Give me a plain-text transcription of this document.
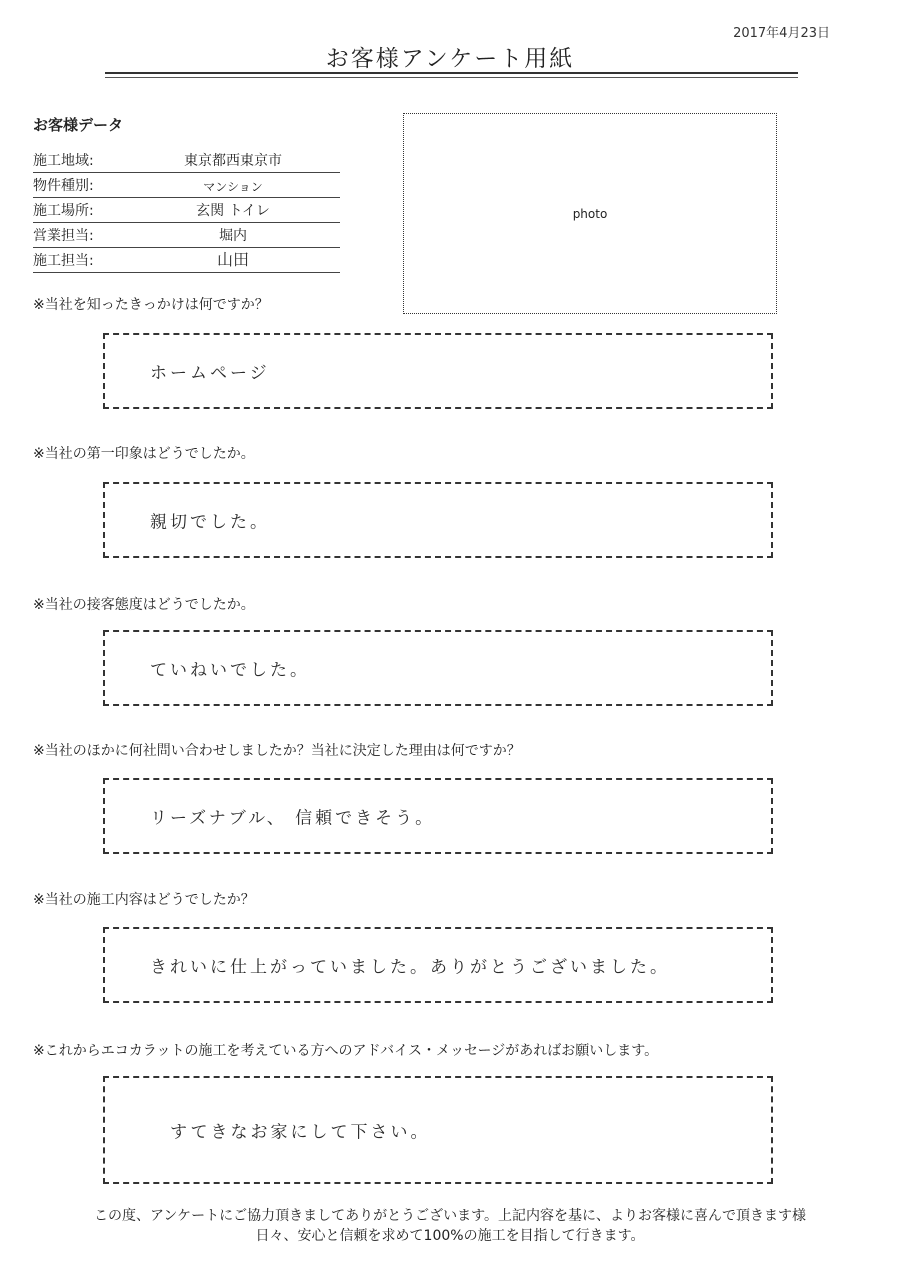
2017年4月23日
お客様アンケート用紙
お客様データ
施工地域:	東京都西東京市
物件種別:	マンション
施工場所:	玄関 トイレ
営業担当:	堀内
施工担当:	山田
photo
※当社を知ったきっかけは何ですか？
ホームページ
※当社の第一印象はどうでしたか。
親切でした。
※当社の接客態度はどうでしたか。
ていねいでした。
※当社のほかに何社問い合わせしましたか？当社に決定した理由は何ですか？
リーズナブル、 信頼できそう。
※当社の施工内容はどうでしたか？
きれいに仕上がっていました。ありがとうございました。
※これからエコカラットの施工を考えている方へのアドバイス・メッセージがあればお願いします。
すてきなお家にして下さい。
この度、アンケートにご協力頂きましてありがとうございます。上記内容を基に、よりお客様に喜んで頂きます様
日々、安心と信頼を求めて100%の施工を目指して行きます。
